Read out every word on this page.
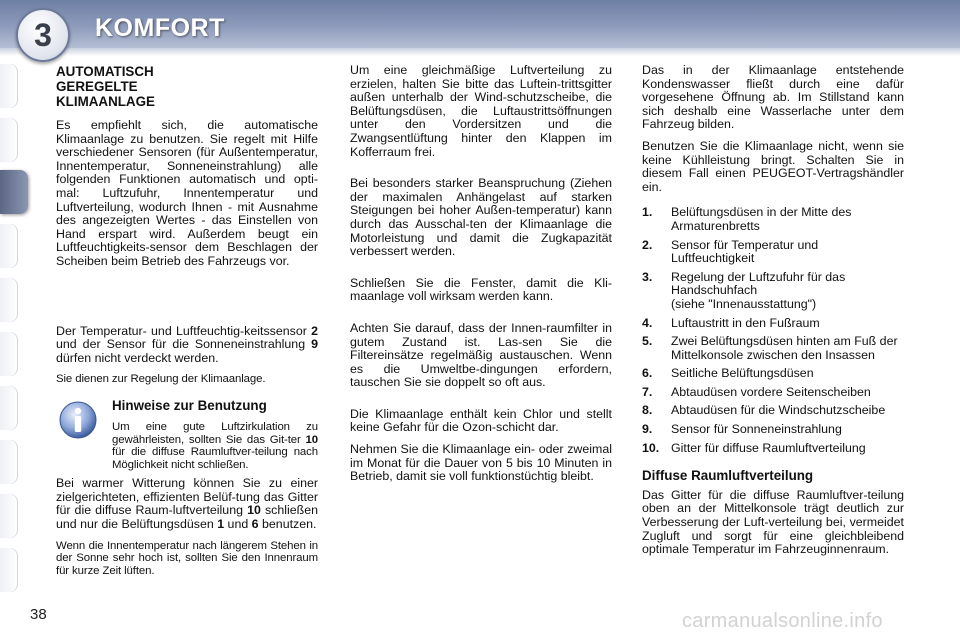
3	KOMFORT
AUTOMATISCH GEREGELTE KLIMAANLAGE

Es empfiehlt sich, die automatische Klimaanlage zu benutzen. Sie regelt mit Hilfe verschiedener Sensoren (für Außentemperatur, Innentemperatur, Sonneneinstrahlung) alle folgenden Funktionen automatisch und opti-mal: Luftzufuhr, Innentemperatur und Luftverteilung, wodurch Ihnen - mit Ausnahme des angezeigten Wertes - das Einstellen von Hand erspart wird. Außerdem beugt ein Luftfeuchtigkeits-sensor dem Beschlagen der Scheiben beim Betrieb des Fahrzeugs vor.

Der Temperatur- und Luftfeuchtig-keitssensor 2 und der Sensor für die Sonneneinstrahlung 9 dürfen nicht verdeckt werden.

Sie dienen zur Regelung der Klimaanlage.

Hinweise zur Benutzung

Um eine gute Luftzirkulation zu gewährleisten, sollten Sie das Git-ter 10 für die diffuse Raumluftver-teilung nach Möglichkeit nicht schließen.

Bei warmer Witterung können Sie zu einer zielgerichteten, effizienten Belüf-tung das Gitter für die diffuse Raum-luftverteilung 10 schließen und nur die Belüftungsdüsen 1 und 6 benutzen.

Wenn die Innentemperatur nach längerem Stehen in der Sonne sehr hoch ist, sollten Sie den Innenraum für kurze Zeit lüften.

Um eine gleichmäßige Luftverteilung zu erzielen, halten Sie bitte das Luftein-trittsgitter außen unterhalb der Wind-schutzscheibe, die Belüftungsdüsen, die Luftaustrittsöffnungen unter den Vordersitzen und die Zwangsentlüftung hinter den Klappen im Kofferraum frei.

Bei besonders starker Beanspruchung (Ziehen der maximalen Anhängelast auf starken Steigungen bei hoher Außen-temperatur) kann durch das Ausschal-ten der Klimaanlage die Motorleistung und damit die Zugkapazität verbessert werden.

Schließen Sie die Fenster, damit die Kli-maanlage voll wirksam werden kann.

Achten Sie darauf, dass der Innen-raumfilter in gutem Zustand ist. Las-sen Sie die Filtereinsätze regelmäßig austauschen. Wenn es die Umweltbe-dingungen erfordern, tauschen Sie sie doppelt so oft aus.

Die Klimaanlage enthält kein Chlor und stellt keine Gefahr für die Ozon-schicht dar.

Nehmen Sie die Klimaanlage ein- oder zweimal im Monat für die Dauer von 5 bis 10 Minuten in Betrieb, damit sie voll funktionstüchtig bleibt.

Das in der Klimaanlage entstehende Kondenswasser fließt durch eine dafür vorgesehene Öffnung ab. Im Stillstand kann sich deshalb eine Wasserlache unter dem Fahrzeug bilden.

Benutzen Sie die Klimaanlage nicht, wenn sie keine Kühlleistung bringt. Schalten Sie in diesem Fall einen PEUGEOT-Vertragshändler ein.

1. Belüftungsdüsen in der Mitte des Armaturenbretts
2. Sensor für Temperatur und Luftfeuchtigkeit
3. Regelung der Luftzufuhr für das Handschuhfach
(siehe "Innenausstattung")
4. Luftaustritt in den Fußraum
5. Zwei Belüftungsdüsen hinten am Fuß der Mittelkonsole zwischen den Insassen
6. Seitliche Belüftungsdüsen
7. Abtaudüsen vordere Seitenscheiben
8. Abtaudüsen für die Windschutzscheibe
9. Sensor für Sonneneinstrahlung
10. Gitter für diffuse Raumluftverteilung
Diffuse Raumluftverteilung

Das Gitter für die diffuse Raumluftver-teilung oben an der Mittelkonsole trägt deutlich zur Verbesserung der Luft-verteilung bei, vermeidet Zugluft und sorgt für eine gleichbleibend optimale Temperatur im Fahrzeuginnenraum.

38	carmanualsonline.info
